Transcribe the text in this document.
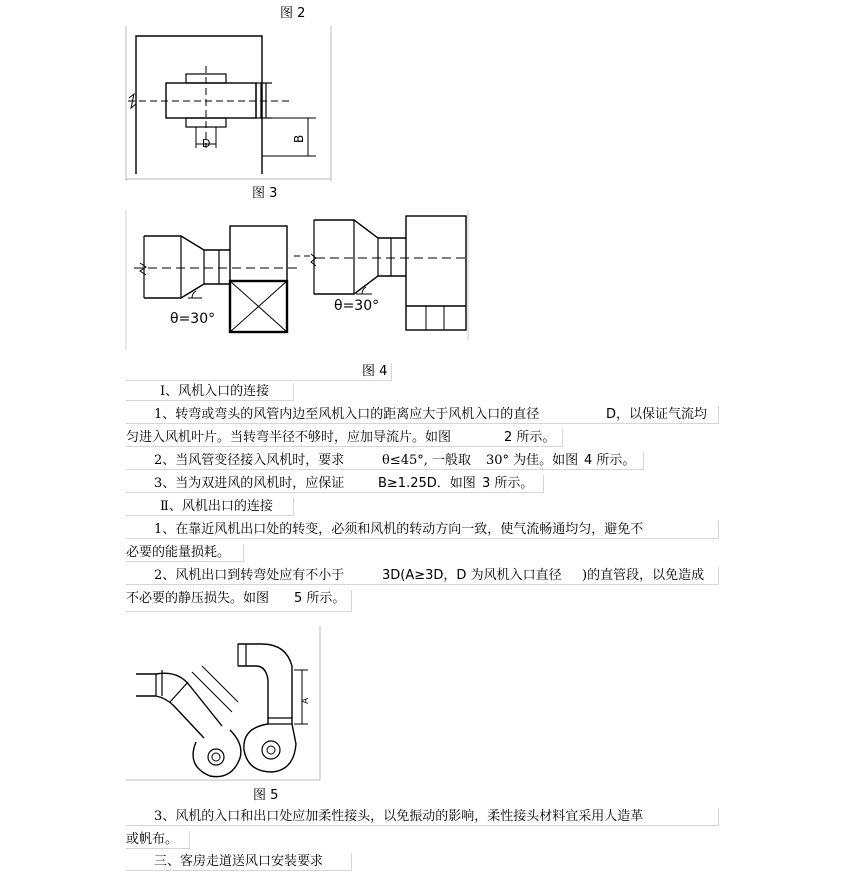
图 2
D	B
图 3
θ=30°
θ=30°
图 4
Ⅰ、风机入口的连接
1、转弯或弯头的风管内边至风机入口的距离应大于风机入口的直径	D，以保证气流均
匀进入风机叶片。当转弯半径不够时，应加导流片。如图	2 所示。
2、当风管变径接入风机时，要求	θ≤45°, 一般取 30° 为佳。如图 4 所示。
3、当为双进风的风机时，应保证	B≥1.25D．如图 3 所示。
Ⅱ、风机出口的连接
1、在靠近风机出口处的转变，必须和风机的转动方向一致，使气流畅通均匀，避免不
必要的能量损耗。
2、风机出口到转弯处应有不小于	3D(A≥3D，D 为风机入口直径 )的直管段，以免造成
不必要的静压损失。如图 5 所示。
A
图 5
3、风机的入口和出口处应加柔性接头，以免振动的影响，柔性接头材料宜采用人造革
或帆布。
三、客房走道送风口安装要求
